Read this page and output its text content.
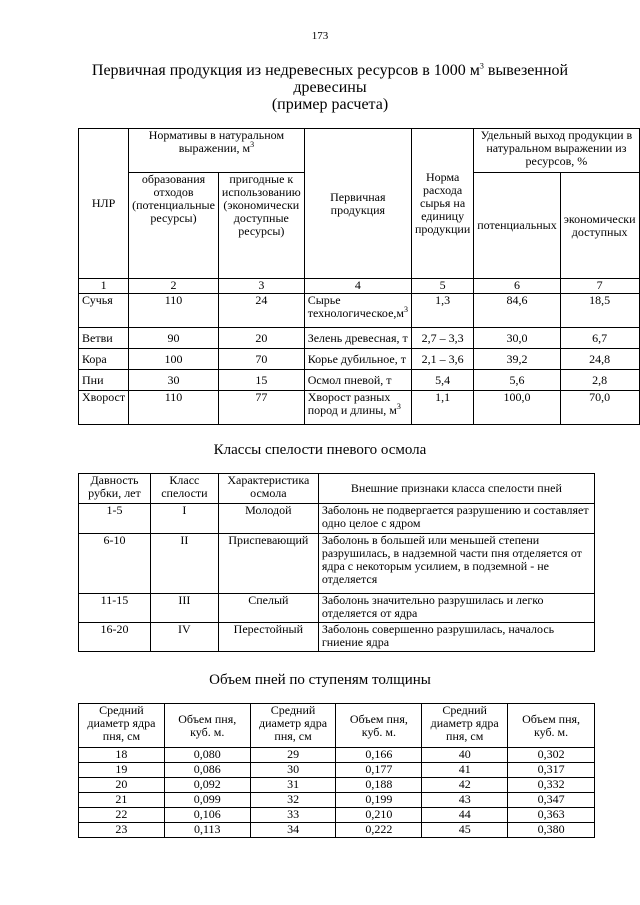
173
Первичная продукция из недревесных ресурсов в 1000 $м^3$ вывезенной
древесины
(пример расчета)
НЛР	Нормативы в натуральном выражении, $м^3$		Первичная продукция	Норма расхода сырья на единицу продукции	Удельный выход продукции в натуральном выражении из ресурсов, %	
	образования отходов (потенциальные ресурсы)	пригодные к использованию (экономически доступные ресурсы)			потенциальных	экономически доступных
1	2	3	4	5	6	7
Сучья	110	24	Сырье $технологическое,м^3$	1,3	84,6	18,5
Ветви	90	20	Зелень древесная, т	2,7 – 3,3	30,0	6,7
Кора	100	70	Корье дубильное, т	2,1 – 3,6	39,2	24,8
Пни	30	15	Осмол пневой, т	5,4	5,6	2,8
Хворост	110	77	Хворост разных пород и длины, $м^3$	1,1	100,0	70,0
Классы спелости пневого осмола
Давность рубки, лет	Класс спелости	Характеристика осмола	Внешние признаки класса спелости пней
1-5	I	Молодой	Заболонь не подвергается разрушению и составляет одно целое с ядром
6-10	II	Приспевающий	Заболонь в большей или меньшей степени разрушилась, в надземной части пня отделяется от ядра с некоторым усилием, в подземной - не отделяется
11-15	III	Спелый	Заболонь значительно разрушилась и легко отделяется от ядра
16-20	IV	Перестойный	Заболонь совершенно разрушилась, началось гниение ядра
Объем пней по ступеням толщины
Средний диаметр ядра пня, см	Объем пня, куб. м.	Средний диаметр ядра пня, см	Объем пня, куб. м.	Средний диаметр ядра пня, см	Объем пня, куб. м.
18	0,080	29	0,166	40	0,302
19	0,086	30	0,177	41	0,317
20	0,092	31	0,188	42	0,332
21	0,099	32	0,199	43	0,347
22	0,106	33	0,210	44	0,363
23	0,113	34	0,222	45	0,380
